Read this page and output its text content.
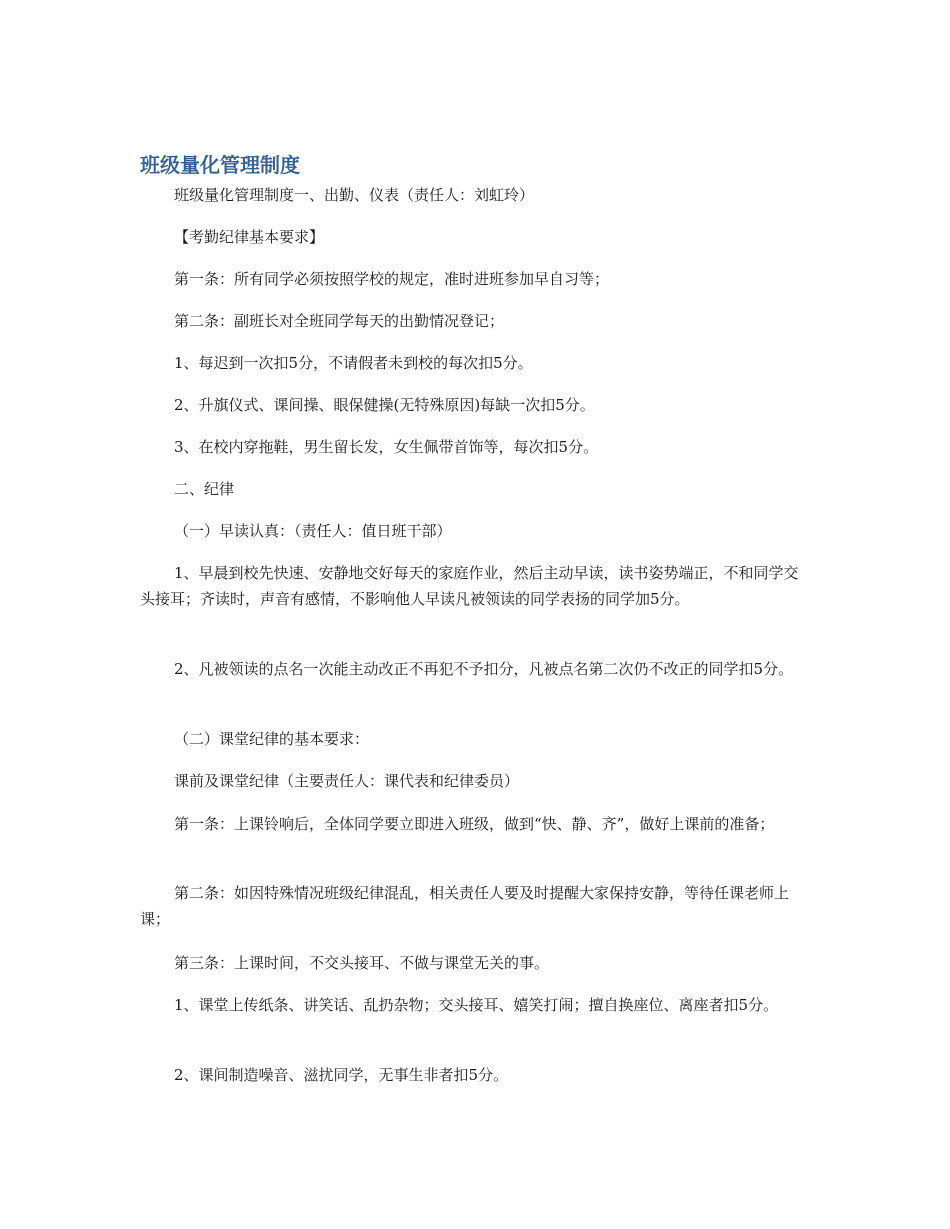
班级量化管理制度

班级量化管理制度一、出勤、仪表（责任人：刘虹玲）

【考勤纪律基本要求】

第一条：所有同学必须按照学校的规定，准时进班参加早自习等；

第二条：副班长对全班同学每天的出勤情况登记；

1、每迟到一次扣5分，不请假者未到校的每次扣5分。

2、升旗仪式、课间操、眼保健操(无特殊原因)每缺一次扣5分。

3、在校内穿拖鞋，男生留长发，女生佩带首饰等，每次扣5分。

二、纪律

（一）早读认真：（责任人：值日班干部）

1、早晨到校先快速、安静地交好每天的家庭作业，然后主动早读，读书姿势端正，不和同学交头接耳；齐读时，声音有感情，不影响他人早读凡被领读的同学表扬的同学加5分。

2、凡被领读的点名一次能主动改正不再犯不予扣分，凡被点名第二次仍不改正的同学扣5分。

（二）课堂纪律的基本要求：

课前及课堂纪律（主要责任人：课代表和纪律委员）

第一条：上课铃响后，全体同学要立即进入班级，做到“快、静、齐”，做好上课前的准备；

第二条：如因特殊情况班级纪律混乱，相关责任人要及时提醒大家保持安静，等待任课老师上课；

第三条：上课时间，不交头接耳、不做与课堂无关的事。

1、课堂上传纸条、讲笑话、乱扔杂物；交头接耳、嬉笑打闹；擅自换座位、离座者扣5分。

2、课间制造噪音、滋扰同学，无事生非者扣5分。
